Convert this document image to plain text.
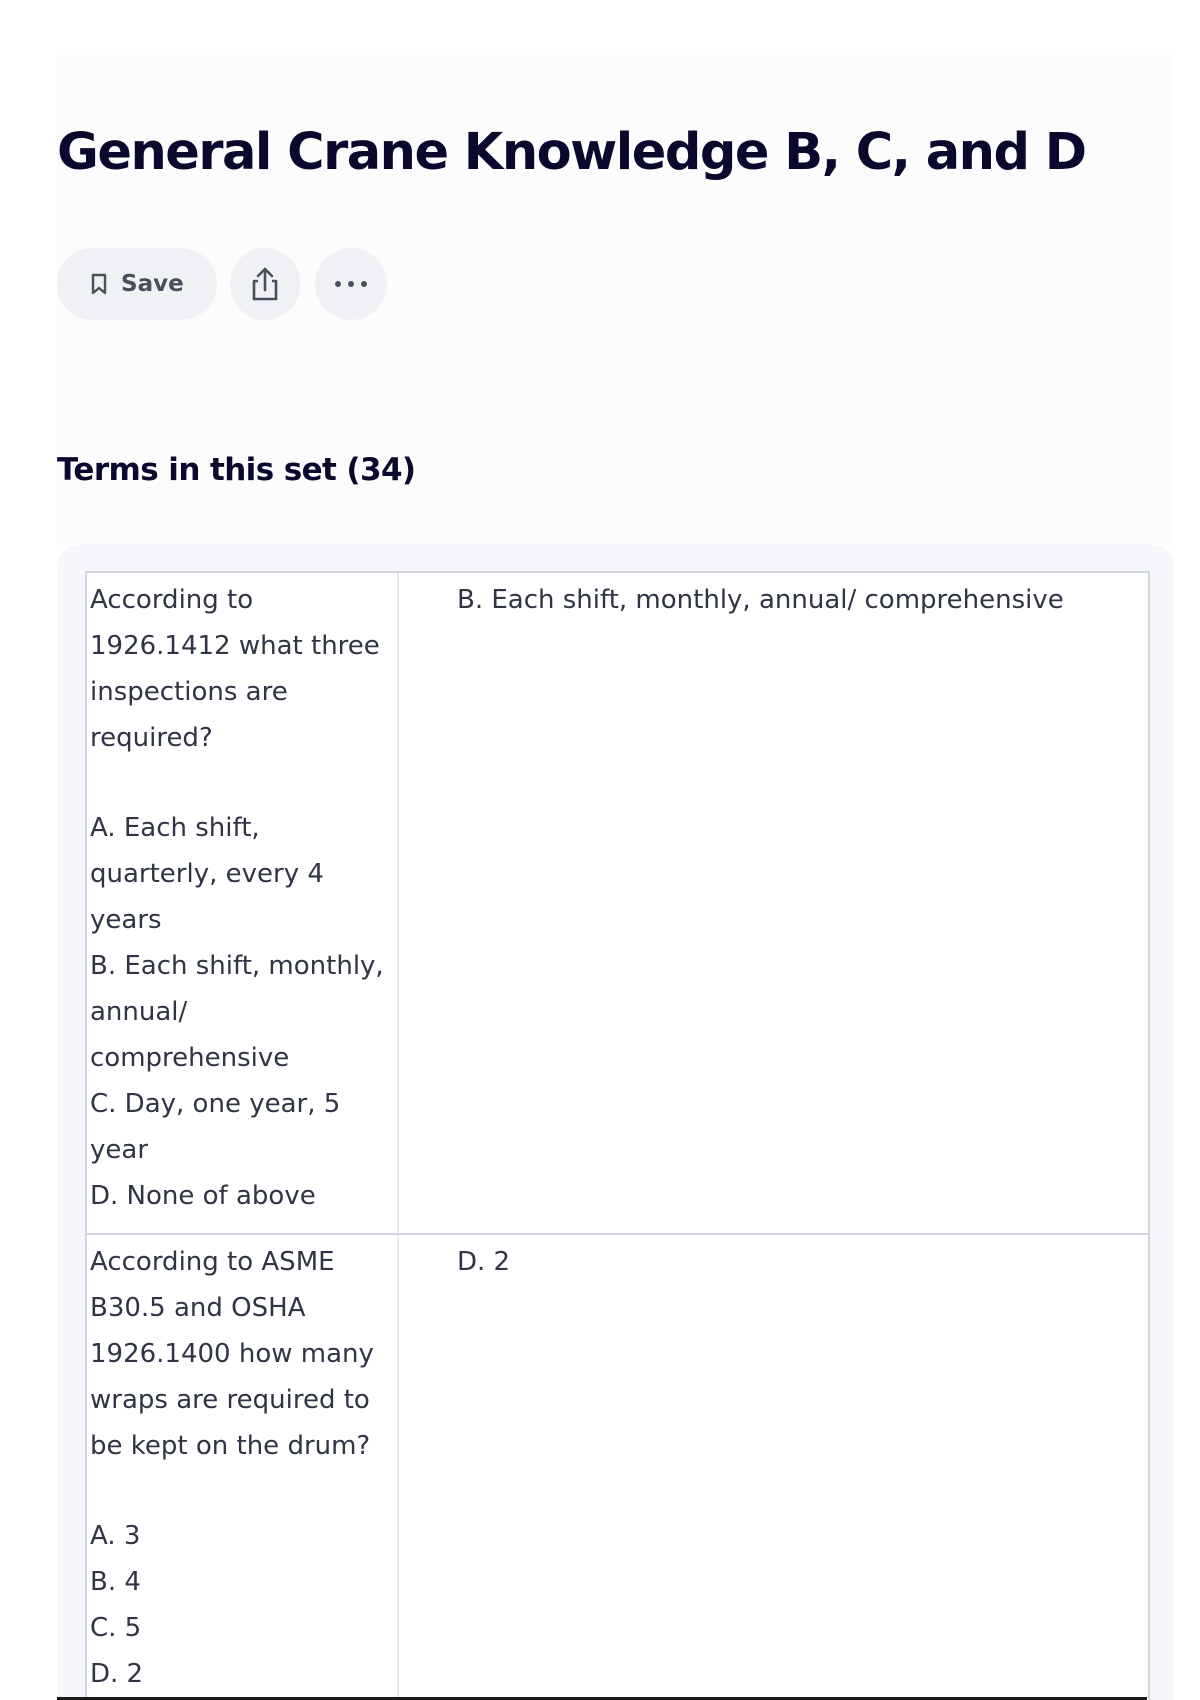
General Crane Knowledge B, C, and D
Save
Terms in this set (34)

According to
1926.1412 what three
inspections are
required?

A. Each shift,
quarterly, every 4
years
B. Each shift, monthly,
annual/
comprehensive
C. Day, one year, 5
year
D. None of above

B. Each shift, monthly, annual/ comprehensive

According to ASME
B30.5 and OSHA
1926.1400 how many
wraps are required to
be kept on the drum?

A. 3
B. 4
C. 5
D. 2

D. 2
